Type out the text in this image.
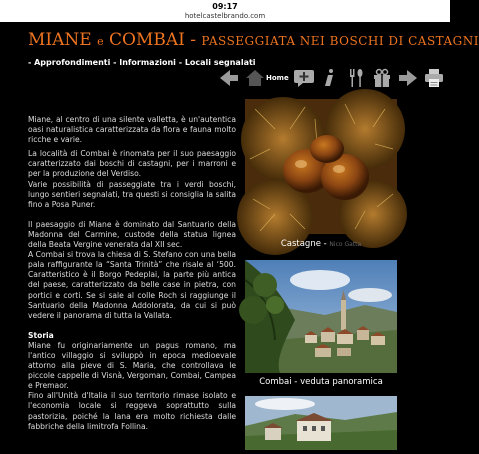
09:17
hotelcastelbrando.com
MIANE e COMBAI - PASSEGGIATA NEI BOSCHI DI CASTAGNI
- Approfondimenti - Informazioni - Locali segnalati
Home

Miane, al centro di una silente valletta, è un'autentica oasi naturalistica caratterizzata da flora e fauna molto ricche e varie.

La località di Combai è rinomata per il suo paesaggio caratterizzato dai boschi di castagni, per i marroni e per la produzione del Verdiso.

Varie possibilità di passeggiate tra i verdi boschi, lungo sentieri segnalati, tra questi si consiglia la salita fino a Posa Puner.

Il paesaggio di Miane è dominato dal Santuario della Madonna del Carmine, custode della statua lignea della Beata Vergine venerata dal XII sec.

A Combai si trova la chiesa di S. Stefano con una bella pala raffigurante la “Santa Trinità” che risale al ‘500. Caratteristico è il Borgo Pedeplai, la parte più antica del paese, caratterizzato da belle case in pietra, con portici e corti. Se si sale al colle Roch si raggiunge il Santuario della Madonna Addolorata, da cui si può vedere il panorama di tutta la Vallata.

Storia

Miane fu originariamente un pagus romano, ma l'antico villaggio si sviluppò in epoca medioevale attorno alla pieve di S. Maria, che controllava le piccole cappelle di Visnà, Vergoman, Combai, Campea e Premaor.

Fino all'Unità d'Italia il suo territorio rimase isolato e l'economia locale si reggeva soprattutto sulla pastorizia, poiché la lana era molto richiesta dalle fabbriche della limitrofa Follina.

Castagne - Nico Gatta
Combai - veduta panoramica
